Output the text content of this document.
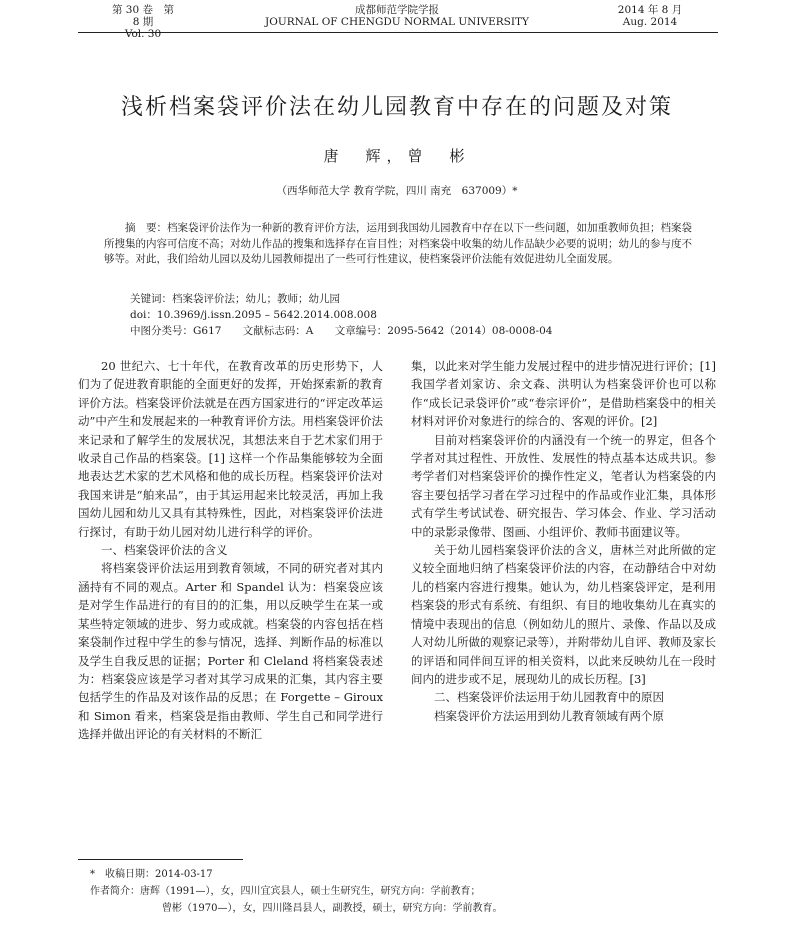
第 30 卷　第 8 期
Vol. 30
成都师范学院学报
JOURNAL OF CHENGDU NORMAL UNIVERSITY
2014 年 8 月
Aug. 2014
浅析档案袋评价法在幼儿园教育中存在的问题及对策
唐　辉，曾　彬
（西华师范大学 教育学院，四川 南充　637009）*

摘　要：档案袋评价法作为一种新的教育评价方法，运用到我国幼儿园教育中存在以下一些问题，如加重教师负担；档案袋所搜集的内容可信度不高；对幼儿作品的搜集和选择存在盲目性；对档案袋中收集的幼儿作品缺少必要的说明；幼儿的参与度不够等。对此，我们给幼儿园以及幼儿园教师提出了一些可行性建议，使档案袋评价法能有效促进幼儿全面发展。

关键词：档案袋评价法；幼儿；教师；幼儿园
doi：10.3969/j.issn.2095 – 5642.2014.008.008
中图分类号：G617 文献标志码：A 文章编号：2095-5642（2014）08-0008-04

20 世纪六、七十年代，在教育改革的历史形势下，人们为了促进教育职能的全面更好的发挥，开始探索新的教育评价方法。档案袋评价法就是在西方国家进行的“评定改革运动”中产生和发展起来的一种教育评价方法。用档案袋评价法来记录和了解学生的发展状况，其想法来自于艺术家们用于收录自己作品的档案袋。[1] 这样一个作品集能够较为全面地表达艺术家的艺术风格和他的成长历程。档案袋评价法对我国来讲是“舶来品”，由于其运用起来比较灵活，再加上我国幼儿园和幼儿又具有其特殊性，因此，对档案袋评价法进行探讨，有助于幼儿园对幼儿进行科学的评价。

一、档案袋评价法的含义

将档案袋评价法运用到教育领域，不同的研究者对其内涵持有不同的观点。Arter 和 Spandel 认为：档案袋应该是对学生作品进行的有目的的汇集，用以反映学生在某一或某些特定领域的进步、努力或成就。档案袋的内容包括在档案袋制作过程中学生的参与情况，选择、判断作品的标准以及学生自我反思的证据；Porter 和 Cleland 将档案袋表述为：档案袋应该是学习者对其学习成果的汇集，其内容主要包括学生的作品及对该作品的反思；在 Forgette – Giroux 和 Simon 看来，档案袋是指由教师、学生自己和同学进行选择并做出评论的有关材料的不断汇

集，以此来对学生能力发展过程中的进步情况进行评价；[1] 我国学者刘家访、余文森、洪明认为档案袋评价也可以称作“成长记录袋评价”或“卷宗评价”，是借助档案袋中的相关材料对评价对象进行的综合的、客观的评价。[2]

目前对档案袋评价的内涵没有一个统一的界定，但各个学者对其过程性、开放性、发展性的特点基本达成共识。参考学者们对档案袋评价的操作性定义，笔者认为档案袋的内容主要包括学习者在学习过程中的作品或作业汇集，具体形式有学生考试试卷、研究报告、学习体会、作业、学习活动中的录影录像带、图画、小组评价、教师书面建议等。

关于幼儿园档案袋评价法的含义，唐林兰对此所做的定义较全面地归纳了档案袋评价法的内容，在动静结合中对幼儿的档案内容进行搜集。她认为，幼儿档案袋评定，是利用档案袋的形式有系统、有组织、有目的地收集幼儿在真实的情境中表现出的信息（例如幼儿的照片、录像、作品以及成人对幼儿所做的观察记录等），并附带幼儿自评、教师及家长的评语和同伴间互评的相关资料，以此来反映幼儿在一段时间内的进步或不足，展现幼儿的成长历程。[3]

二、档案袋评价法运用于幼儿园教育中的原因

档案袋评价方法运用到幼儿教育领域有两个原

*　收稿日期：2014-03-17
作者简介：唐辉（1991—），女，四川宜宾县人，硕士生研究生，研究方向：学前教育；
曾彬（1970—），女，四川隆昌县人，副教授，硕士，研究方向：学前教育。
